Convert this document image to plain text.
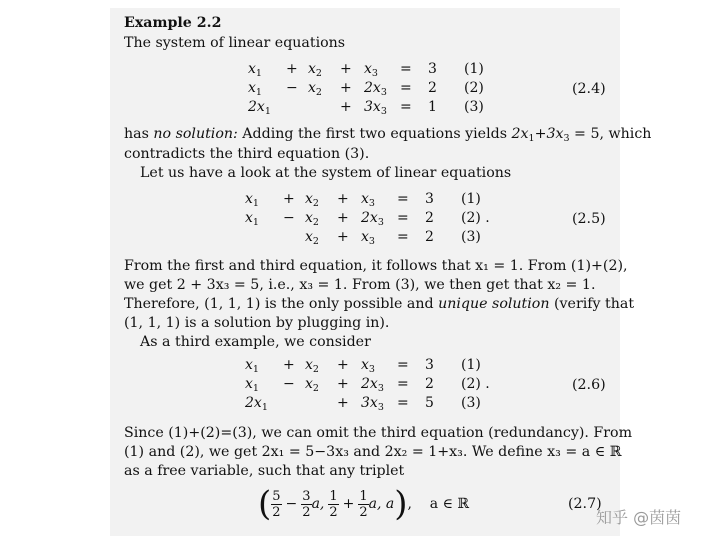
Example 2.2
The system of linear equations
$x_1 + x_2 + x_3 = 3$ (1)
$x_1 - x_2 + 2x_3 = 2$ (2)
$2x_1$	+ $3x_3 = 1$ (3)
(2.4)
$x_1 + x_2 + x_3 = 3$ (1)
$x_1 - x_2 + 2x_3 = 2$ (2) .
$x_2 + x_3 = 2$ (3)
(2.5)
$x_1 + x_2 + x_3 = 3$ (1)
$x_1 - x_2 + 2x_3 = 2$ (2) .
$2x_1$	+ $3x_3 = 5$ (3)
(2.6)
has no solution: Adding the first two equations yields $2x_1+3x_3 = 5$, which
contradicts the third equation (3).
Let us have a look at the system of linear equations
From the first and third equation, it follows that x₁ = 1. From (1)+(2),
we get 2 + 3x₃ = 5, i.e., x₃ = 1. From (3), we then get that x₂ = 1.
Therefore, (1, 1, 1) is the only possible and unique solution (verify that
(1, 1, 1) is a solution by plugging in).
As a third example, we consider
Since (1)+(2)=(3), we can omit the third equation (redundancy). From
(1) and (2), we get 2x₁ = 5−3x₃ and 2x₂ = 1+x₃. We define x₃ = a ∈ ℝ
as a free variable, such that any triplet
( $\frac{5}{2} - \frac{3}{2} a$, $\frac{1}{2} + \frac{1}{2} a$, a ) ,    a ∈ ℝ	(2.7)
知乎 @茵茵
